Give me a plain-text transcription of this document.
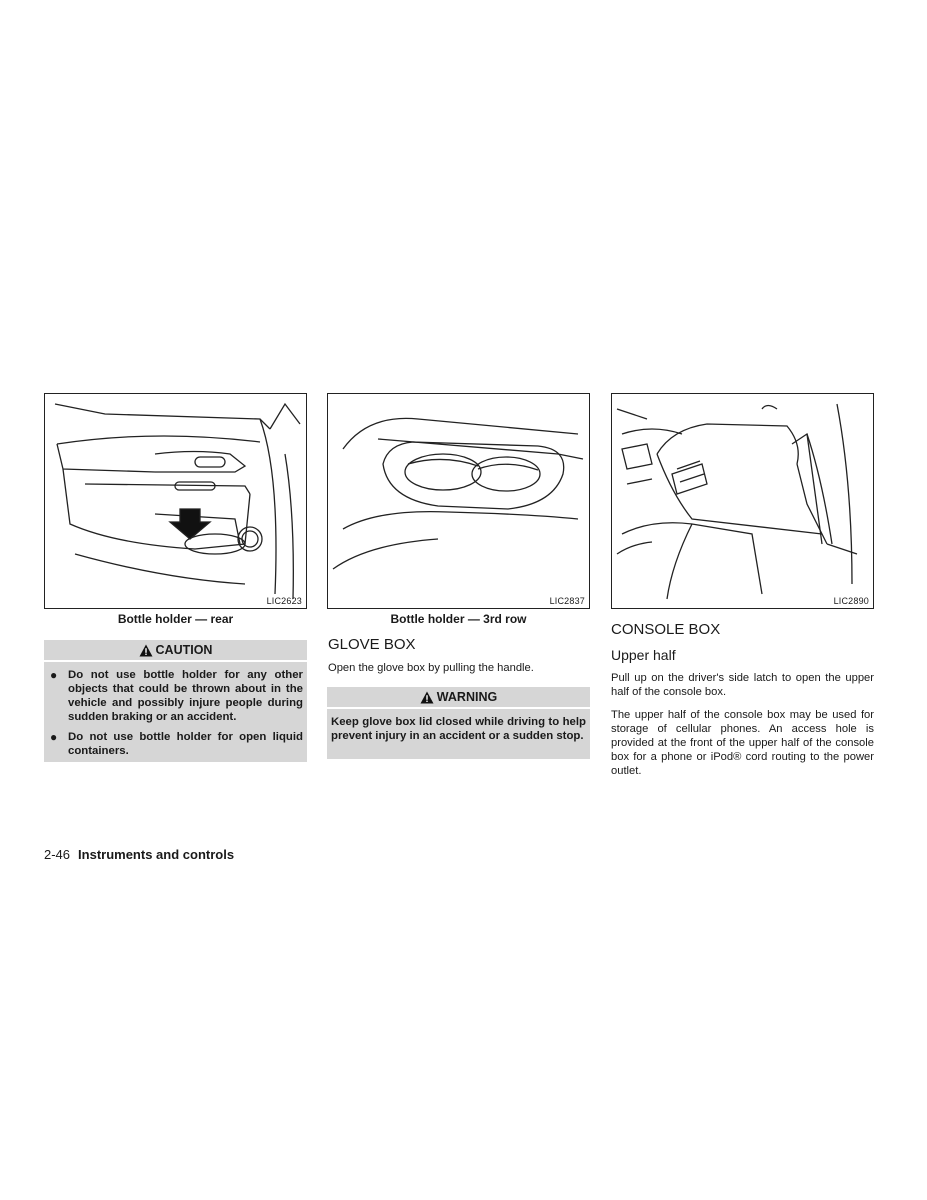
LIC2623
Bottle holder — rear
LIC2837
Bottle holder — 3rd row
LIC2890
CAUTION
● Do not use bottle holder for any other objects that could be thrown about in the vehicle and possibly injure people during sudden braking or an accident.
● Do not use bottle holder for open liquid containers.
GLOVE BOX
Open the glove box by pulling the handle.
WARNING
Keep glove box lid closed while driving to help prevent injury in an accident or a sudden stop.
CONSOLE BOX
Upper half
Pull up on the driver's side latch to open the upper half of the console box.
The upper half of the console box may be used for storage of cellular phones. An access hole is provided at the front of the upper half of the console box for a phone or iPod® cord routing to the power outlet.
2-46 Instruments and controls
